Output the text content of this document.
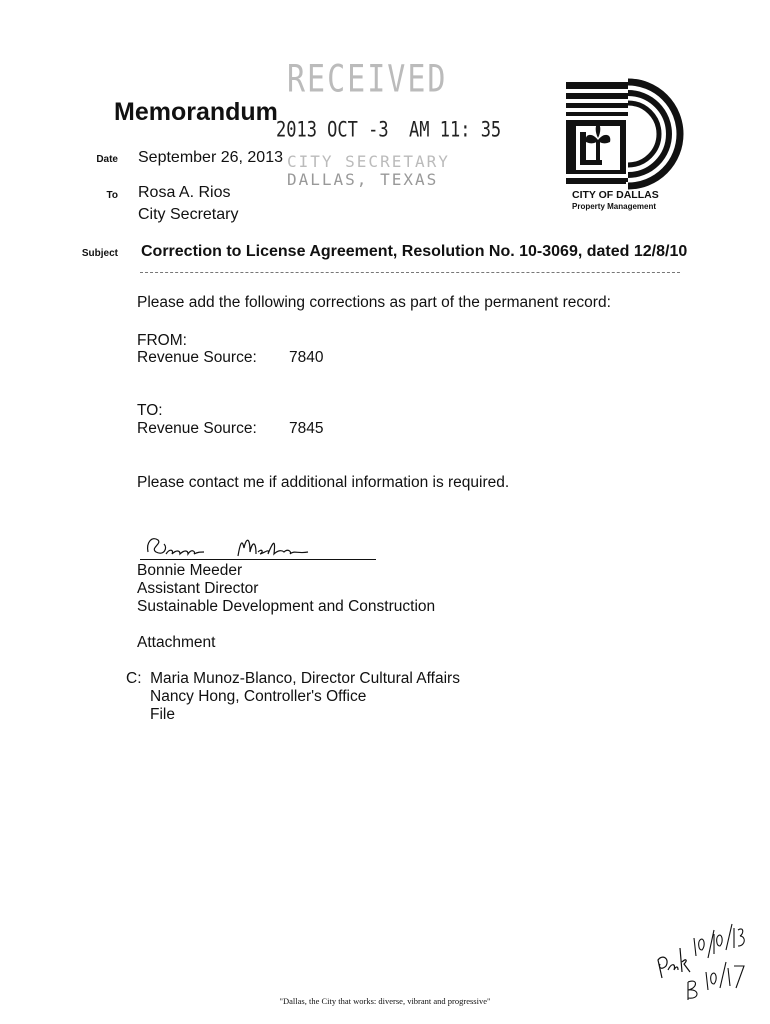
RECEIVED
2013 OCT -3  AM 11: 35
CITY SECRETARY
DALLAS, TEXAS
Memorandum
Date September 26, 2013
To Rosa A. Rios
City Secretary
Subject Correction to License Agreement, Resolution No. 10-3069, dated 12/8/10
CITY OF DALLAS
Property Management
Please add the following corrections as part of the permanent record:
FROM:
Revenue Source: 7840
TO:
Revenue Source: 7845
Please contact me if additional information is required.
Bonnie Meeder
Assistant Director
Sustainable Development and Construction
Attachment
C:  Maria Munoz-Blanco, Director Cultural Affairs
Nancy Hong, Controller's Office
File
"Dallas, the City that works: diverse, vibrant and progressive"
